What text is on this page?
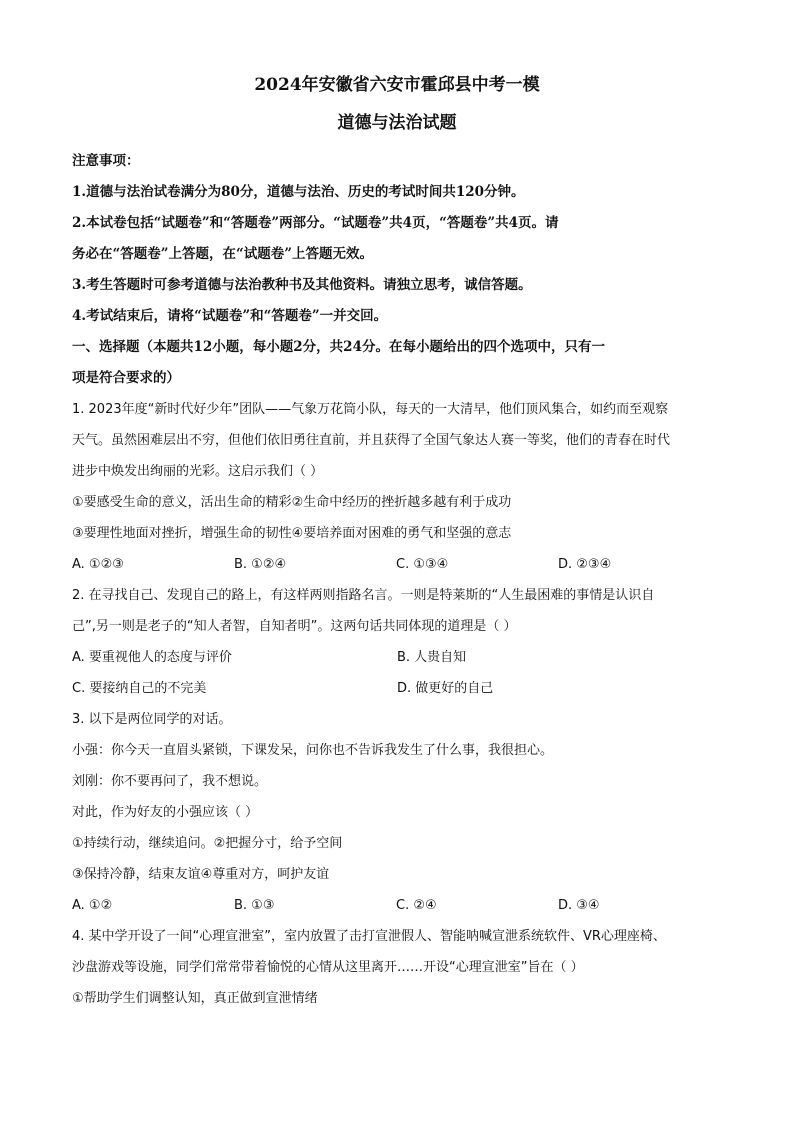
2024年安徽省六安市霍邱县中考一模

道德与法治试题

注意事项：

1.道德与法治试卷满分为80分，道德与法治、历史的考试时间共120分钟。

2.本试卷包括“试题卷”和“答题卷”两部分。“试题卷”共4页，“答题卷”共4页。请

务必在“答题卷”上答题，在“试题卷”上答题无效。

3.考生答题时可参考道德与法治教种书及其他资料。请独立思考，诚信答题。

4.考试结束后，请将“试题卷”和“答题卷”一并交回。

一、选择题（本题共12小题，每小题2分，共24分。在每小题给出的四个选项中，只有一

项是符合要求的）

1. 2023年度“新时代好少年”团队——气象万花筒小队，每天的一大清早，他们顶风集合，如约而至观察

天气。虽然困难层出不穷，但他们依旧勇往直前，并且获得了全国气象达人赛一等奖，他们的青春在时代

进步中焕发出绚丽的光彩。这启示我们（ ）

①要感受生命的意义，活出生命的精彩②生命中经历的挫折越多越有利于成功

③要理性地面对挫折，增强生命的韧性④要培养面对困难的勇气和坚强的意志

A. ①②③	B. ①②④	C. ①③④	D. ②③④

2. 在寻找自己、发现自己的路上，有这样两则指路名言。一则是特莱斯的“人生最困难的事情是认识自

己”,另一则是老子的“知人者智，自知者明”。这两句话共同体现的道理是（ ）

A. 要重视他人的态度与评价	B. 人贵自知
C. 要接纳自己的不完美	D. 做更好的自己

3. 以下是两位同学的对话。

小强：你今天一直眉头紧锁，下课发呆，问你也不告诉我发生了什么事，我很担心。

刘刚：你不要再问了，我不想说。

对此，作为好友的小强应该（ ）

①持续行动，继续追问。②把握分寸，给予空间

③保持冷静，结束友谊④尊重对方，呵护友谊

A. ①②	B. ①③	C. ②④	D. ③④

4. 某中学开设了一间“心理宣泄室”，室内放置了击打宣泄假人、智能呐喊宣泄系统软件、VR心理座椅、

沙盘游戏等设施，同学们常常带着愉悦的心情从这里离开……开设“心理宣泄室”旨在（ ）

①帮助学生们调整认知，真正做到宣泄情绪
